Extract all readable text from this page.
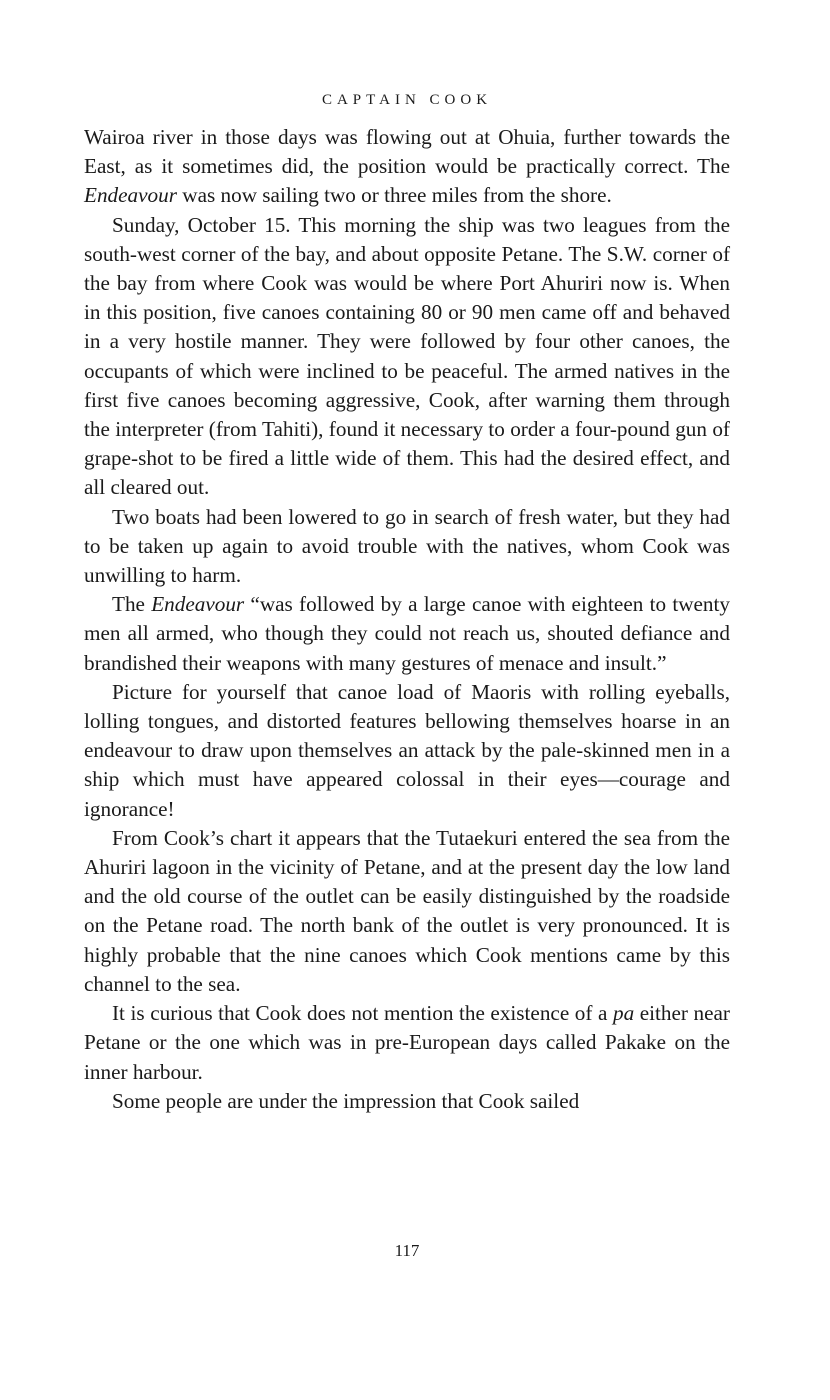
CAPTAIN COOK

Wairoa river in those days was flowing out at Ohuia, further towards the East, as it sometimes did, the position would be practically correct. The Endeavour was now sailing two or three miles from the shore.

Sunday, October 15. This morning the ship was two leagues from the south-west corner of the bay, and about opposite Petane. The S.W. corner of the bay from where Cook was would be where Port Ahuriri now is. When in this position, five canoes containing 80 or 90 men came off and behaved in a very hostile manner. They were followed by four other canoes, the occupants of which were inclined to be peaceful. The armed natives in the first five canoes becoming aggressive, Cook, after warning them through the interpreter (from Tahiti), found it necessary to order a four-pound gun of grape-shot to be fired a little wide of them. This had the desired effect, and all cleared out.

Two boats had been lowered to go in search of fresh water, but they had to be taken up again to avoid trouble with the natives, whom Cook was unwilling to harm.

The Endeavour “was followed by a large canoe with eighteen to twenty men all armed, who though they could not reach us, shouted defiance and brandished their weapons with many gestures of menace and insult.”

Picture for yourself that canoe load of Maoris with rolling eyeballs, lolling tongues, and distorted features bellowing themselves hoarse in an endeavour to draw upon themselves an attack by the pale-skinned men in a ship which must have appeared colossal in their eyes—courage and ignorance!

From Cook’s chart it appears that the Tutaekuri entered the sea from the Ahuriri lagoon in the vicinity of Petane, and at the present day the low land and the old course of the outlet can be easily distinguished by the roadside on the Petane road. The north bank of the outlet is very pronounced. It is highly probable that the nine canoes which Cook mentions came by this channel to the sea.

It is curious that Cook does not mention the existence of a pa either near Petane or the one which was in pre-European days called Pakake on the inner harbour.

Some people are under the impression that Cook sailed

117
